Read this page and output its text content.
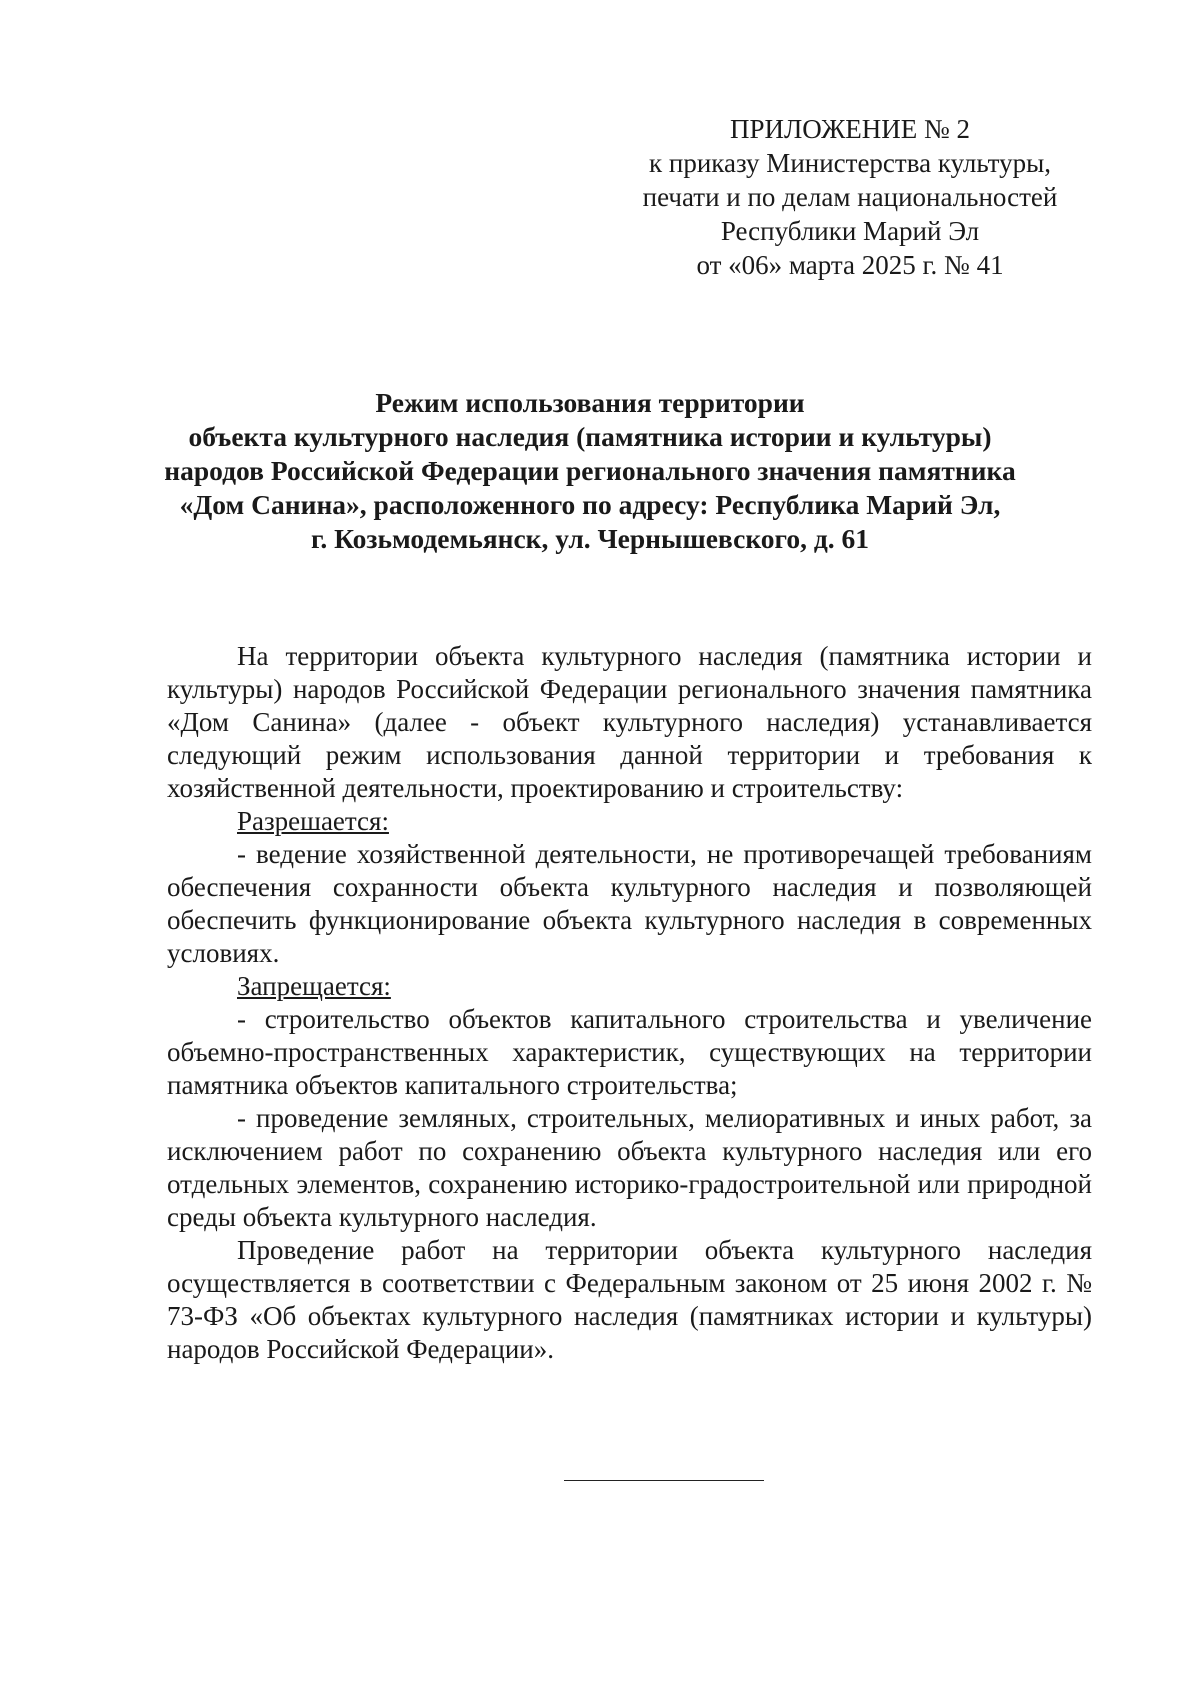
ПРИЛОЖЕНИЕ № 2
к приказу Министерства культуры,
печати и по делам национальностей
Республики Марий Эл
от «06» марта 2025 г. № 41
Режим использования территории
объекта культурного наследия (памятника истории и культуры)
народов Российской Федерации регионального значения памятника
«Дом Санина», расположенного по адресу: Республика Марий Эл,
г. Козьмодемьянск, ул. Чернышевского, д. 61

На территории объекта культурного наследия (памятника истории и культуры) народов Российской Федерации регионального значения памятника «Дом Санина» (далее - объект культурного наследия) устанавливается следующий режим использования данной территории и требования к хозяйственной деятельности, проектированию и строительству:

Разрешается:

- ведение хозяйственной деятельности, не противоречащей требованиям обеспечения сохранности объекта культурного наследия и позволяющей обеспечить функционирование объекта культурного наследия в современных условиях.

Запрещается:

- строительство объектов капитального строительства и увеличение объемно-пространственных характеристик, существующих на территории памятника объектов капитального строительства;

- проведение земляных, строительных, мелиоративных и иных работ, за исключением работ по сохранению объекта культурного наследия или его отдельных элементов, сохранению историко-градостроительной или природной среды объекта культурного наследия.

Проведение работ на территории объекта культурного наследия осуществляется в соответствии с Федеральным законом от 25 июня 2002 г. № 73-ФЗ «Об объектах культурного наследия (памятниках истории и культуры) народов Российской Федерации».
